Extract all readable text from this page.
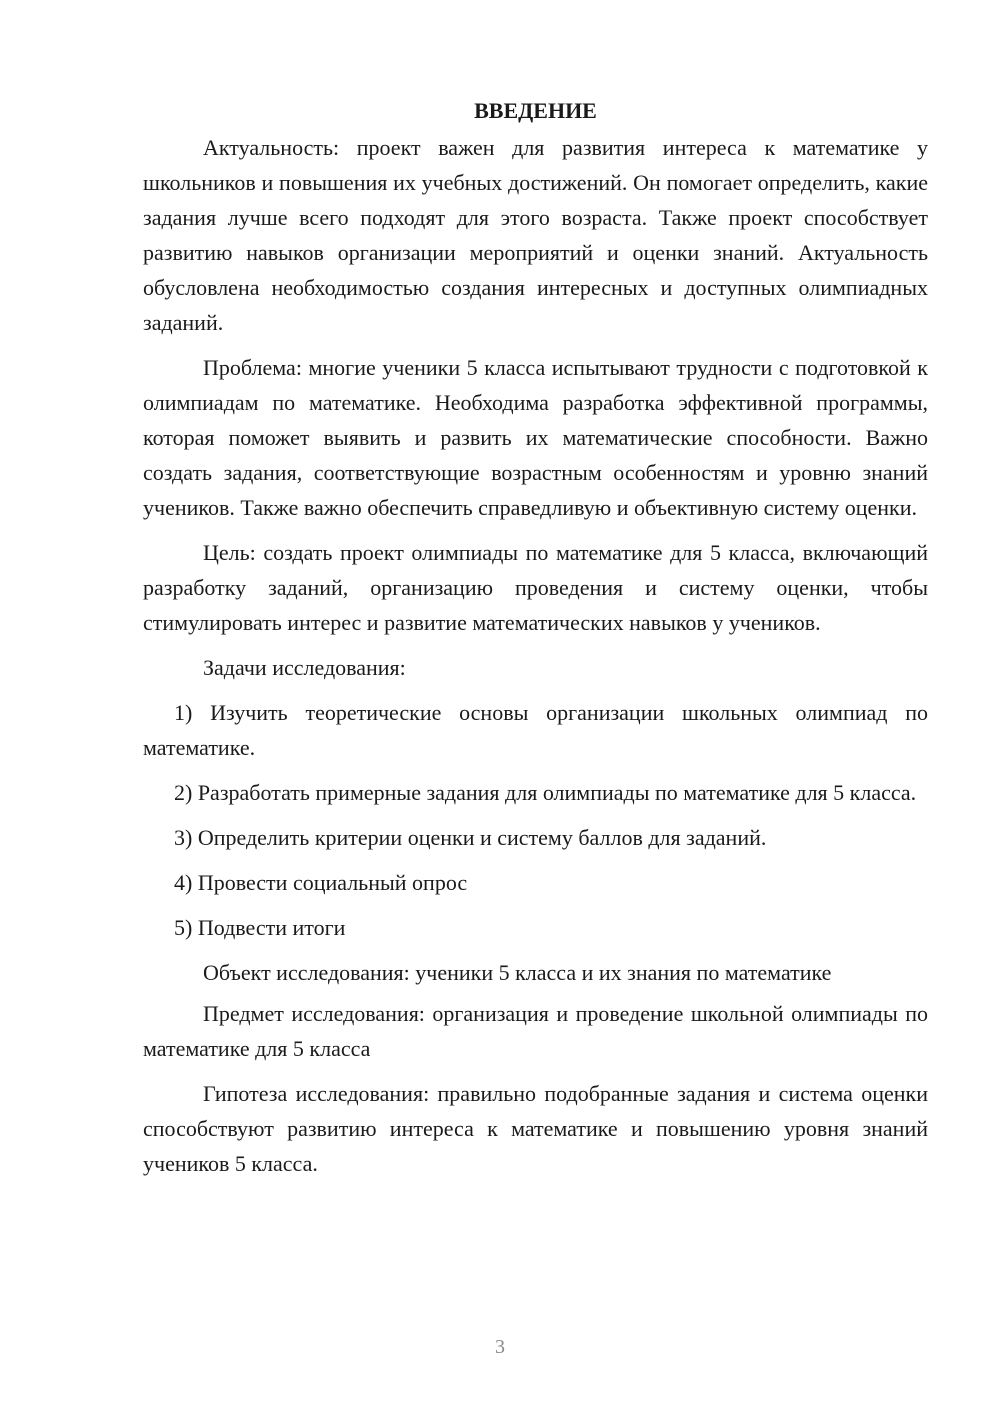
ВВЕДЕНИЕ

Актуальность: проект важен для развития интереса к математике у школьников и повышения их учебных достижений. Он помогает определить, какие задания лучше всего подходят для этого возраста. Также проект способствует развитию навыков организации мероприятий и оценки знаний. Актуальность обусловлена необходимостью создания интересных и доступных олимпиадных заданий.

Проблема: многие ученики 5 класса испытывают трудности с подготовкой к олимпиадам по математике. Необходима разработка эффективной программы, которая поможет выявить и развить их математические способности. Важно создать задания, соответствующие возрастным особенностям и уровню знаний учеников. Также важно обеспечить справедливую и объективную систему оценки.

Цель: создать проект олимпиады по математике для 5 класса, включающий разработку заданий, организацию проведения и систему оценки, чтобы стимулировать интерес и развитие математических навыков у учеников.

Задачи исследования:

1) Изучить теоретические основы организации школьных олимпиад по математике.

2) Разработать примерные задания для олимпиады по математике для 5 класса.

3) Определить критерии оценки и систему баллов для заданий.

4) Провести социальный опрос

5) Подвести итоги

Объект исследования: ученики 5 класса и их знания по математике

Предмет исследования: организация и проведение школьной олимпиады по математике для 5 класса

Гипотеза исследования: правильно подобранные задания и система оценки способствуют развитию интереса к математике и повышению уровня знаний учеников 5 класса.

3
